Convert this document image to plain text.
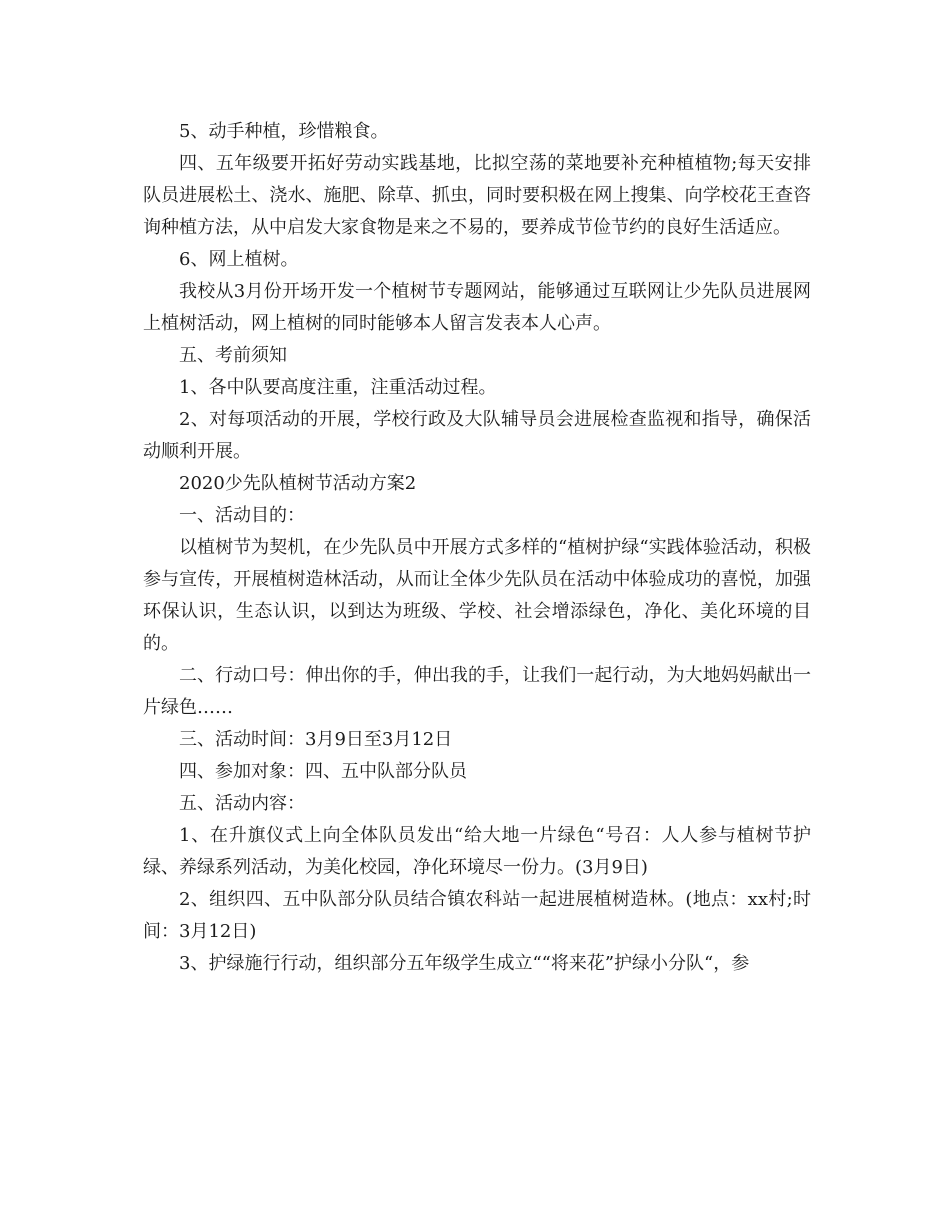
5、动手种植，珍惜粮食。

四、五年级要开拓好劳动实践基地，比拟空荡的菜地要补充种植植物;每天安排队员进展松土、浇水、施肥、除草、抓虫，同时要积极在网上搜集、向学校花王查咨询种植方法，从中启发大家食物是来之不易的，要养成节俭节约的良好生活适应。

6、网上植树。

我校从3月份开场开发一个植树节专题网站，能够通过互联网让少先队员进展网上植树活动，网上植树的同时能够本人留言发表本人心声。

五、考前须知

1、各中队要高度注重，注重活动过程。

2、对每项活动的开展，学校行政及大队辅导员会进展检查监视和指导，确保活动顺利开展。

2020少先队植树节活动方案2

一、活动目的：

以植树节为契机，在少先队员中开展方式多样的“植树护绿“实践体验活动，积极参与宣传，开展植树造林活动，从而让全体少先队员在活动中体验成功的喜悦，加强环保认识，生态认识，以到达为班级、学校、社会增添绿色，净化、美化环境的目的。

二、行动口号：伸出你的手，伸出我的手，让我们一起行动，为大地妈妈献出一片绿色……

三、活动时间：3月9日至3月12日

四、参加对象：四、五中队部分队员

五、活动内容：

1、在升旗仪式上向全体队员发出“给大地一片绿色“号召：人人参与植树节护绿、养绿系列活动，为美化校园，净化环境尽一份力。(3月9日)

2、组织四、五中队部分队员结合镇农科站一起进展植树造林。(地点：xx村;时间：3月12日)

3、护绿施行行动，组织部分五年级学生成立““将来花”护绿小分队“，参
